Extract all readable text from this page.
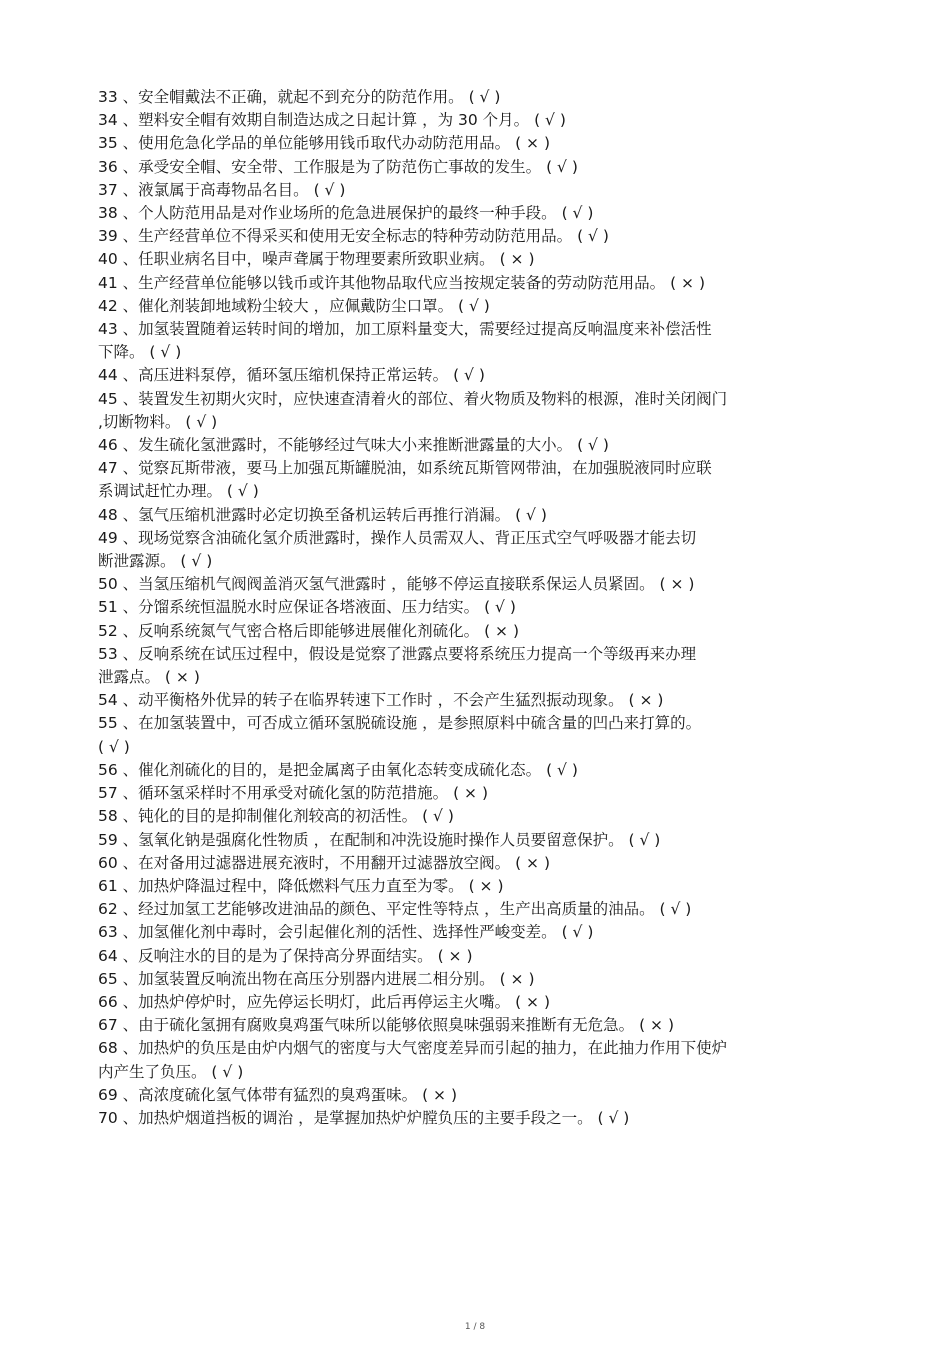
33 、安全帽戴法不正确，就起不到充分的防范作用。 ( √ )
34 、塑料安全帽有效期自制造达成之日起计算 ，为 30 个月。 ( √ )
35 、使用危急化学品的单位能够用钱币取代办动防范用品。 ( × )
36 、承受安全帽、安全带、工作服是为了防范伤亡事故的发生。 ( √ )
37 、液氯属于高毒物品名目。 ( √ )
38 、个人防范用品是对作业场所的危急进展保护的最终一种手段。 ( √ )
39 、生产经营单位不得采买和使用无安全标志的特种劳动防范用品。 ( √ )
40 、任职业病名目中，噪声聋属于物理要素所致职业病。 ( × )
41 、生产经营单位能够以钱币或许其他物品取代应当按规定装备的劳动防范用品。 ( × )
42 、催化剂装卸地域粉尘较大 ，应佩戴防尘口罩。 ( √ )
43 、加氢装置随着运转时间的增加，加工原料量变大，需要经过提高反响温度来补偿活性
下降。 ( √ )
44 、高压进料泵停，循环氢压缩机保持正常运转。 ( √ )
45 、装置发生初期火灾时，应快速查清着火的部位、着火物质及物料的根源，准时关闭阀门
,切断物料。 ( √ )
46 、发生硫化氢泄露时，不能够经过气味大小来推断泄露量的大小。 ( √ )
47 、觉察瓦斯带液，要马上加强瓦斯罐脱油，如系统瓦斯管网带油，在加强脱液同时应联
系调试赶忙办理。 ( √ )
48 、氢气压缩机泄露时必定切换至备机运转后再推行消漏。 ( √ )
49 、现场觉察含油硫化氢介质泄露时，操作人员需双人、背正压式空气呼吸器才能去切
断泄露源。 ( √ )
50 、当氢压缩机气阀阀盖消灭氢气泄露时 ，能够不停运直接联系保运人员紧固。 ( × )
51 、分馏系统恒温脱水时应保证各塔液面、压力结实。 ( √ )
52 、反响系统氮气气密合格后即能够进展催化剂硫化。 ( × )
53 、反响系统在试压过程中，假设是觉察了泄露点要将系统压力提高一个等级再来办理
泄露点。 ( × )
54 、动平衡格外优异的转子在临界转速下工作时 ，不会产生猛烈振动现象。 ( × )
55 、在加氢装置中，可否成立循环氢脱硫设施 ，是参照原料中硫含量的凹凸来打算的。
( √ )
56 、催化剂硫化的目的，是把金属离子由氧化态转变成硫化态。 ( √ )
57 、循环氢采样时不用承受对硫化氢的防范措施。 ( × )
58 、钝化的目的是抑制催化剂较高的初活性。 ( √ )
59 、氢氧化钠是强腐化性物质 ，在配制和冲洗设施时操作人员要留意保护。 ( √ )
60 、在对备用过滤器进展充液时，不用翻开过滤器放空阀。 ( × )
61 、加热炉降温过程中，降低燃料气压力直至为零。 ( × )
62 、经过加氢工艺能够改进油品的颜色、平定性等特点 ，生产出高质量的油品。 ( √ )
63 、加氢催化剂中毒时，会引起催化剂的活性、选择性严峻变差。 ( √ )
64 、反响注水的目的是为了保持高分界面结实。 ( × )
65 、加氢装置反响流出物在高压分别器内进展二相分别。 ( × )
66 、加热炉停炉时，应先停运长明灯，此后再停运主火嘴。 ( × )
67 、由于硫化氢拥有腐败臭鸡蛋气味所以能够依照臭味强弱来推断有无危急。 ( × )
68 、加热炉的负压是由炉内烟气的密度与大气密度差异而引起的抽力，在此抽力作用下使炉
内产生了负压。 ( √ )
69 、高浓度硫化氢气体带有猛烈的臭鸡蛋味。 ( × )
70 、加热炉烟道挡板的调治 ，是掌握加热炉炉膛负压的主要手段之一。 ( √ )
1 / 8
